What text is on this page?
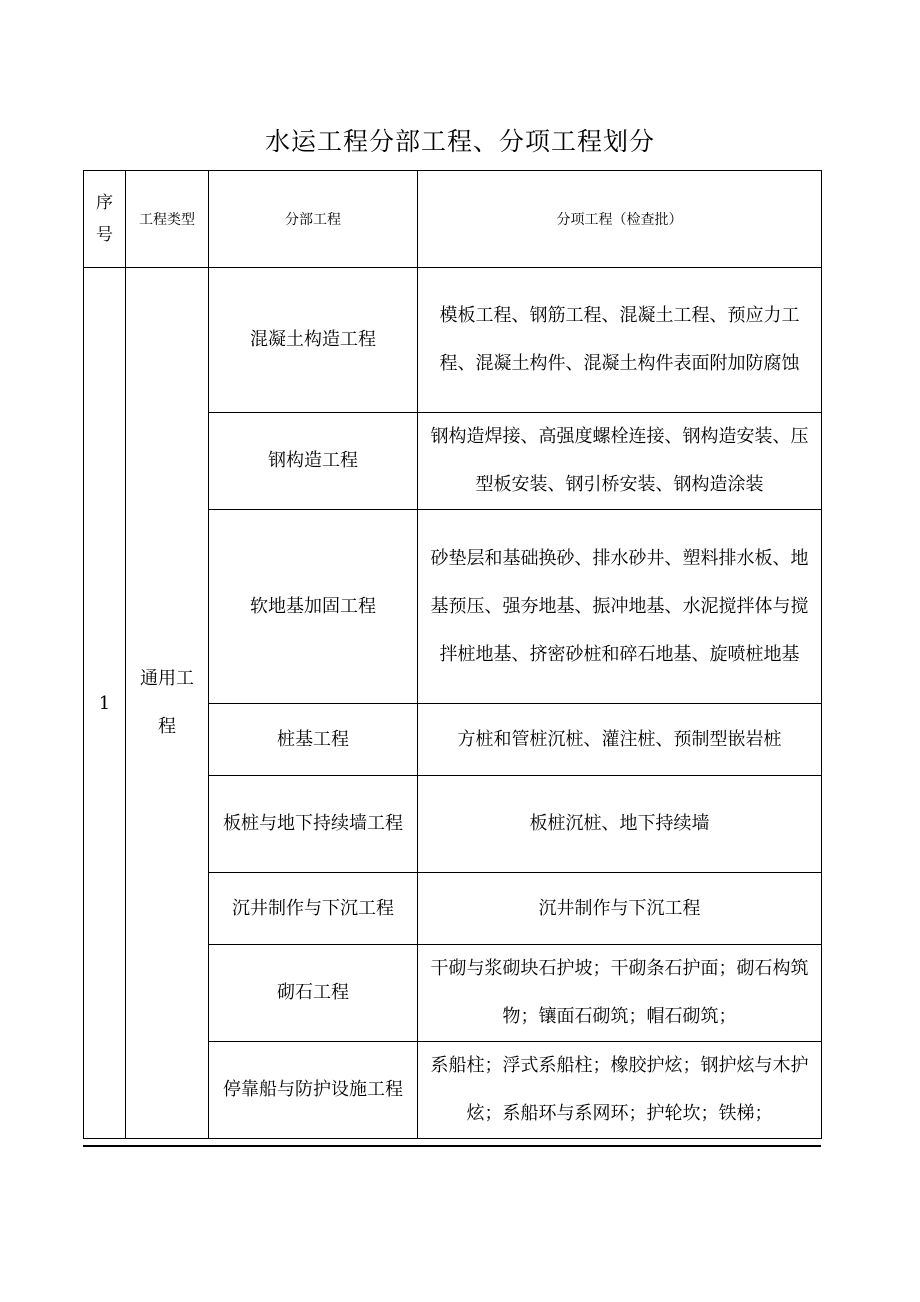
水运工程分部工程、分项工程划分
序号	工程类型	分部工程	分项工程（检查批）
1	通用工程	混凝土构造工程	模板工程、钢筋工程、混凝土工程、预应力工程、混凝土构件、混凝土构件表面附加防腐蚀
		钢构造工程	钢构造焊接、高强度螺栓连接、钢构造安装、压型板安装、钢引桥安装、钢构造涂装
		软地基加固工程	砂垫层和基础换砂、排水砂井、塑料排水板、地基预压、强夯地基、振冲地基、水泥搅拌体与搅拌桩地基、挤密砂桩和碎石地基、旋喷桩地基
		桩基工程	方桩和管桩沉桩、灌注桩、预制型嵌岩桩
		板桩与地下持续墙工程	板桩沉桩、地下持续墙
		沉井制作与下沉工程	沉井制作与下沉工程
		砌石工程	干砌与浆砌块石护坡；干砌条石护面；砌石构筑物；镶面石砌筑；帽石砌筑；
		停靠船与防护设施工程	系船柱；浮式系船柱；橡胶护炫；钢护炫与木护炫；系船环与系网环；护轮坎；铁梯；
